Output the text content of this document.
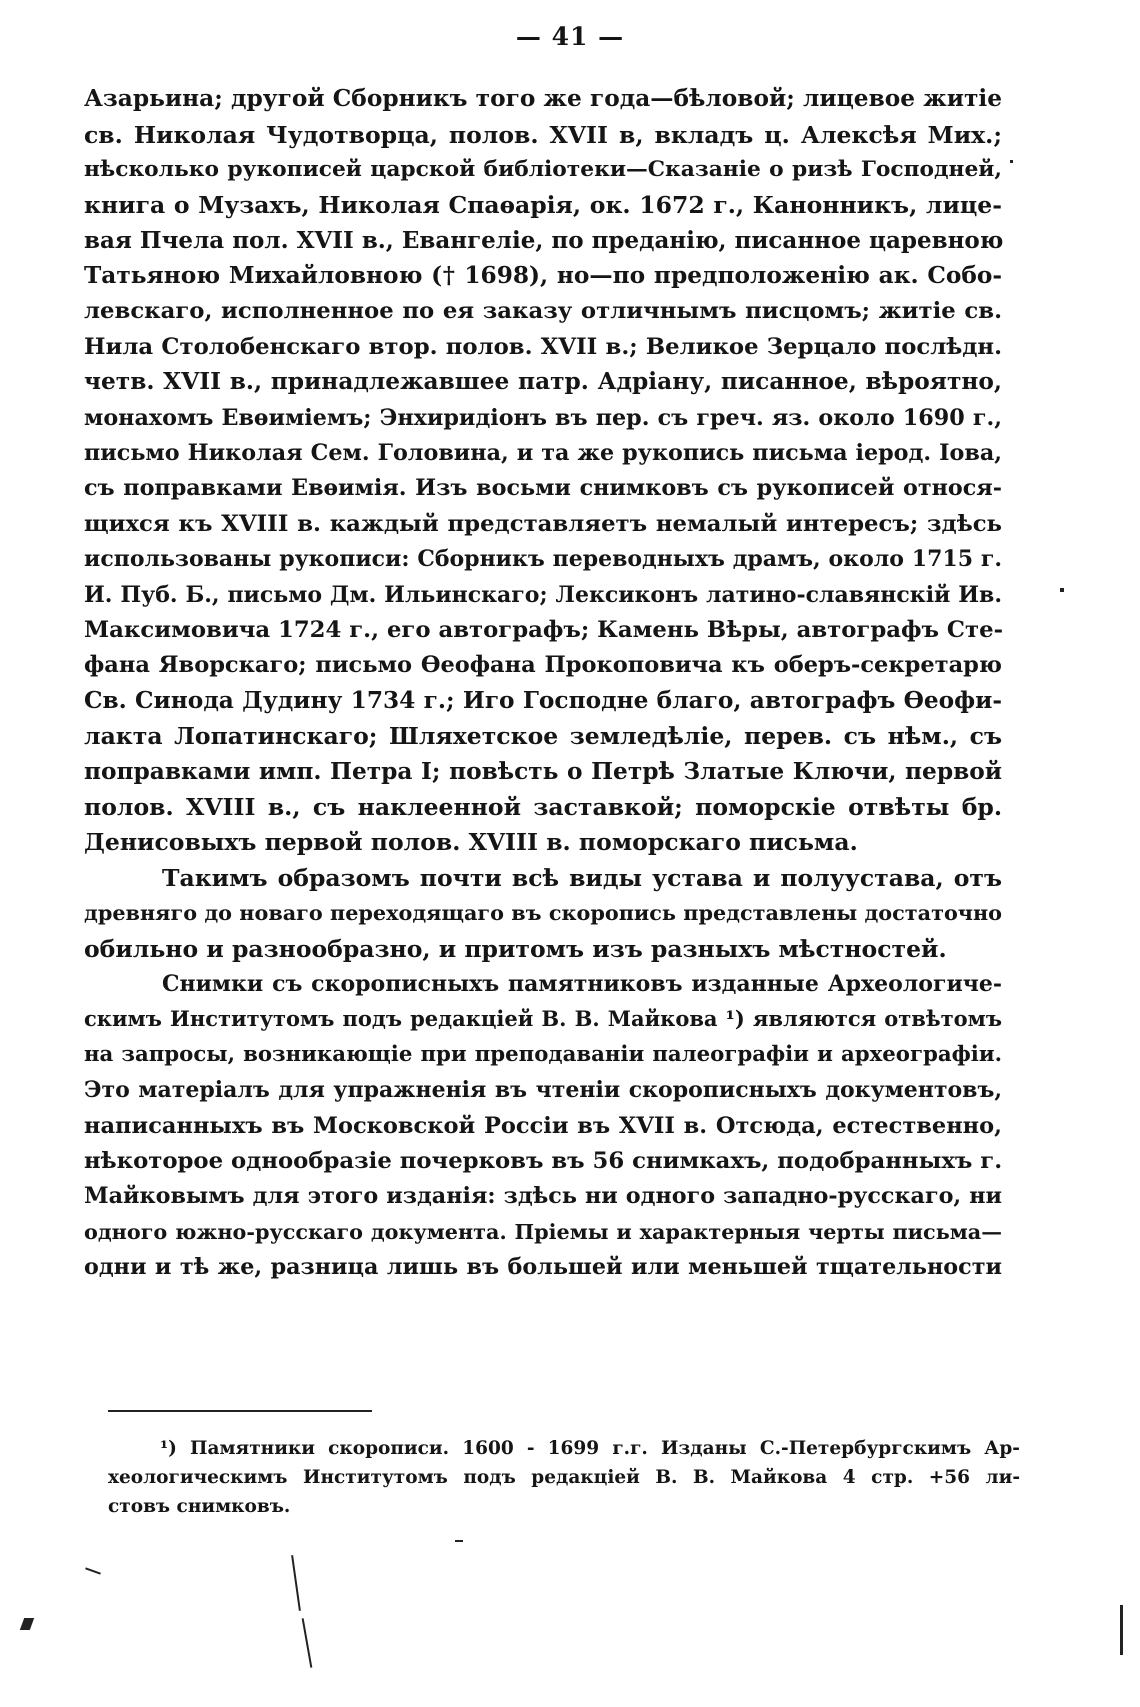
— 41 —
Азарьина; другой Сборникъ того же года—бѣловой; лицевое житіе
св. Николая Чудотворца, полов. XVII в, вкладъ ц. Алексѣя Мих.;
нѣсколько рукописей царской библіотеки—Сказаніе о ризѣ Господней,
книга о Музахъ, Николая Спаѳарія, ок. 1672 г., Канонникъ, лице-
вая Пчела пол. XVII в., Евангеліе, по преданію, писанное царевною
Татьяною Михайловною († 1698), но—по предположенію ак. Собо-
левскаго, исполненное по ея заказу отличнымъ писцомъ; житіе св.
Нила Столобенскаго втор. полов. XVII в.; Великое Зерцало послѣдн.
четв. XVII в., принадлежавшее патр. Адріану, писанное, вѣроятно,
монахомъ Евѳиміемъ; Энхиридіонъ въ пер. съ греч. яз. около 1690 г.,
письмо Николая Сем. Головина, и та же рукопись письма іерод. Іова,
съ поправками Евѳимія. Изъ восьми снимковъ съ рукописей относя-
щихся къ XVIII в. каждый представляетъ немалый интересъ; здѣсь
использованы рукописи: Сборникъ переводныхъ драмъ, около 1715 г.
И. Пуб. Б., письмо Дм. Ильинскаго; Лексиконъ латино-славянскій Ив.
Максимовича 1724 г., его автографъ; Камень Вѣры, автографъ Сте-
фана Яворскаго; письмо Ѳеофана Прокоповича къ оберъ-секретарю
Св. Синода Дудину 1734 г.; Иго Господне благо, автографъ Ѳеофи-
лакта Лопатинскаго; Шляхетское земледѣліе, перев. съ нѣм., съ
поправками имп. Петра I; повѣсть о Петрѣ Златые Ключи, первой
полов. XVIII в., съ наклеенной заставкой; поморскіе отвѣты бр.
Денисовыхъ первой полов. XVIII в. поморскаго письма.
Такимъ образомъ почти всѣ виды устава и полуустава, отъ
древняго до новаго переходящаго въ скоропись представлены достаточно
обильно и разнообразно, и притомъ изъ разныхъ мѣстностей.
Снимки съ скорописныхъ памятниковъ изданные Археологиче-
скимъ Институтомъ подъ редакціей В. В. Майкова ¹) являются отвѣтомъ
на запросы, возникающіе при преподаваніи палеографіи и археографіи.
Это матеріалъ для упражненія въ чтеніи скорописныхъ документовъ,
написанныхъ въ Московской Россіи въ XVII в. Отсюда, естественно,
нѣкоторое однообразіе почерковъ въ 56 снимкахъ, подобранныхъ г.
Майковымъ для этого изданія: здѣсь ни одного западно-русскаго, ни
одного южно-русскаго документа. Пріемы и характерныя черты письма—
одни и тѣ же, разница лишь въ большей или меньшей тщательности
¹) Памятники скорописи. 1600 - 1699 г.г. Изданы С.-Петербургскимъ Ар-
хеологическимъ Институтомъ подъ редакціей В. В. Майкова 4 стр. +56 ли-
стовъ снимковъ.
